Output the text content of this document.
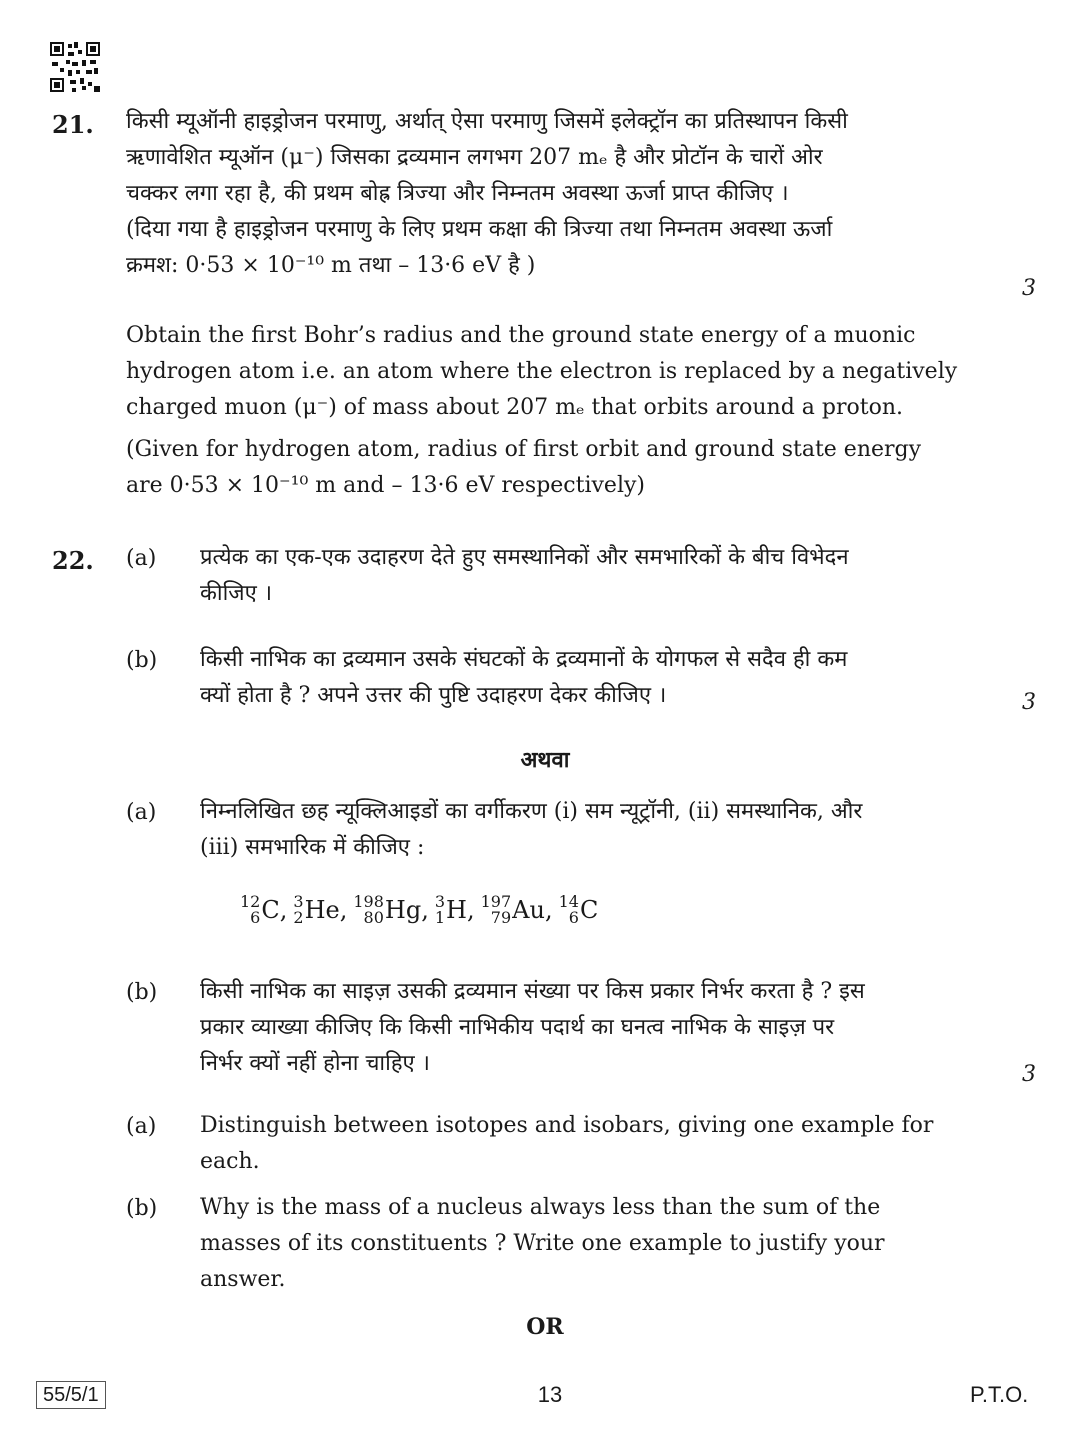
21. किसी म्यूऑनी हाइड्रोजन परमाणु, अर्थात् ऐसा परमाणु जिसमें इलेक्ट्रॉन का प्रतिस्थापन किसी
ऋणावेशित म्यूऑन (μ⁻) जिसका द्रव्यमान लगभग 207 mₑ है और प्रोटॉन के चारों ओर
चक्कर लगा रहा है, की प्रथम बोह्र त्रिज्या और निम्नतम अवस्था ऊर्जा प्राप्त कीजिए ।
(दिया गया है हाइड्रोजन परमाणु के लिए प्रथम कक्षा की त्रिज्या तथा निम्नतम अवस्था ऊर्जा
क्रमश: 0·53 × 10⁻¹⁰ m तथा – 13·6 eV है )
3
Obtain the first Bohr’s radius and the ground state energy of a muonic
hydrogen atom i.e. an atom where the electron is replaced by a negatively
charged muon (μ⁻) of mass about 207 mₑ that orbits around a proton.
(Given for hydrogen atom, radius of first orbit and ground state energy
are 0·53 × 10⁻¹⁰ m and – 13·6 eV respectively)
22. (a) प्रत्येक का एक-एक उदाहरण देते हुए समस्थानिकों और समभारिकों के बीच विभेदन
कीजिए ।
(b) किसी नाभिक का द्रव्यमान उसके संघटकों के द्रव्यमानों के योगफल से सदैव ही कम
क्यों होता है ? अपने उत्तर की पुष्टि उदाहरण देकर कीजिए ।	3
अथवा
(a) निम्नलिखित छह न्यूक्लिआइडों का वर्गीकरण (i) सम न्यूट्रॉनी, (ii) समस्थानिक, और
(iii) समभारिक में कीजिए :
12
6 C , 3
2 He , 198
80 Hg , 3
1 H , 197
79 Au , 14
6 C
(b) किसी नाभिक का साइज़ उसकी द्रव्यमान संख्या पर किस प्रकार निर्भर करता है ? इस
प्रकार व्याख्या कीजिए कि किसी नाभिकीय पदार्थ का घनत्व नाभिक के साइज़ पर
निर्भर क्यों नहीं होना चाहिए ।	3
(a) Distinguish between isotopes and isobars, giving one example for
each.
(b) Why is the mass of a nucleus always less than the sum of the
masses of its constituents ? Write one example to justify your
answer.
OR
55/5/1	13	P.T.O.
